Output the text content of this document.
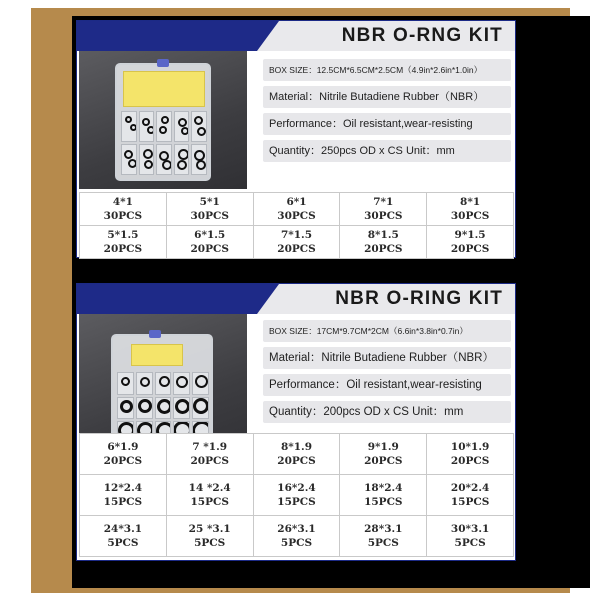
NBR O-RNG KIT
BOX SIZE：12.5CM*6.5CM*2.5CM（4.9in*2.6in*1.0in）
Material：Nitrile Butadiene Rubber（NBR）
Performance：Oil resistant,wear-resisting
Quantity：250pcs OD x CS Unit：mm
4*1
30PCS
5*1
30PCS
6*1
30PCS
7*1
30PCS
8*1
30PCS
5*1.5
20PCS
6*1.5
20PCS
7*1.5
20PCS
8*1.5
20PCS
9*1.5
20PCS
NBR O-RING KIT
BOX SIZE：17CM*9.7CM*2CM（6.6in*3.8in*0.7in）
Material：Nitrile Butadiene Rubber（NBR）
Performance：Oil resistant,wear-resisting
Quantity：200pcs OD x CS Unit：mm
6*1.9
20PCS
7 *1.9
20PCS
8*1.9
20PCS
9*1.9
20PCS
10*1.9
20PCS
12*2.4
15PCS
14 *2.4
15PCS
16*2.4
15PCS
18*2.4
15PCS
20*2.4
15PCS
24*3.1
5PCS
25 *3.1
5PCS
26*3.1
5PCS
28*3.1
5PCS
30*3.1
5PCS
